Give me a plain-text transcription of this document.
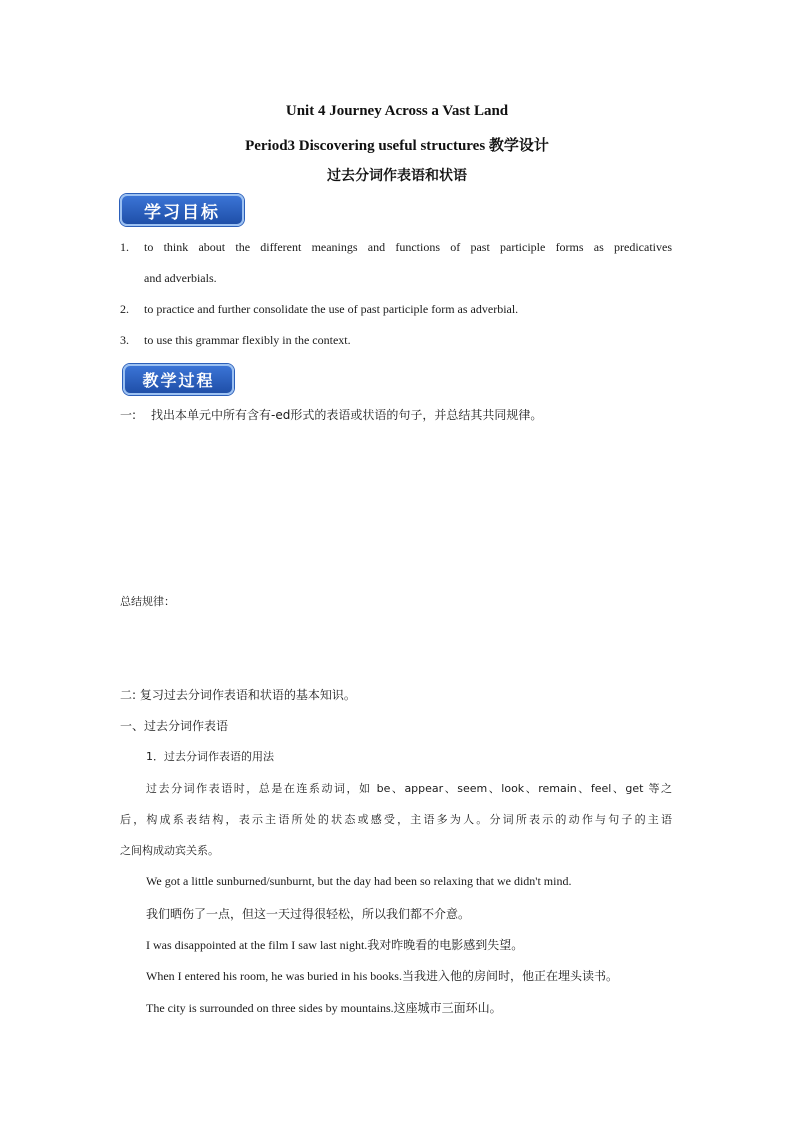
Unit 4 Journey Across a Vast Land
Period3 Discovering useful structures 教学设计
过去分词作表语和状语
学习目标
1. to think about the different meanings and functions of past participle forms as predicatives
and adverbials.
2. to practice and further consolidate the use of past participle form as adverbial.
3. to use this grammar flexibly in the context.
教学过程
一: 找出本单元中所有含有-ed形式的表语或状语的句子，并总结其共同规律。
总结规律：
二: 复习过去分词作表语和状语的基本知识。
一、过去分词作表语
1．过去分词作表语的用法
过去分词作表语时，总是在连系动词，如 be、appear、seem、look、remain、feel、get 等之
后，构成系表结构，表示主语所处的状态或感受，主语多为人。分词所表示的动作与句子的主语
之间构成动宾关系。
We got a little sunburned/sunburnt, but the day had been so relaxing that we didn't mind.
我们晒伤了一点，但这一天过得很轻松，所以我们都不介意。
I was disappointed at the film I saw last night.我对昨晚看的电影感到失望。
When I entered his room, he was buried in his books.当我进入他的房间时，他正在埋头读书。
The city is surrounded on three sides by mountains.这座城市三面环山。
